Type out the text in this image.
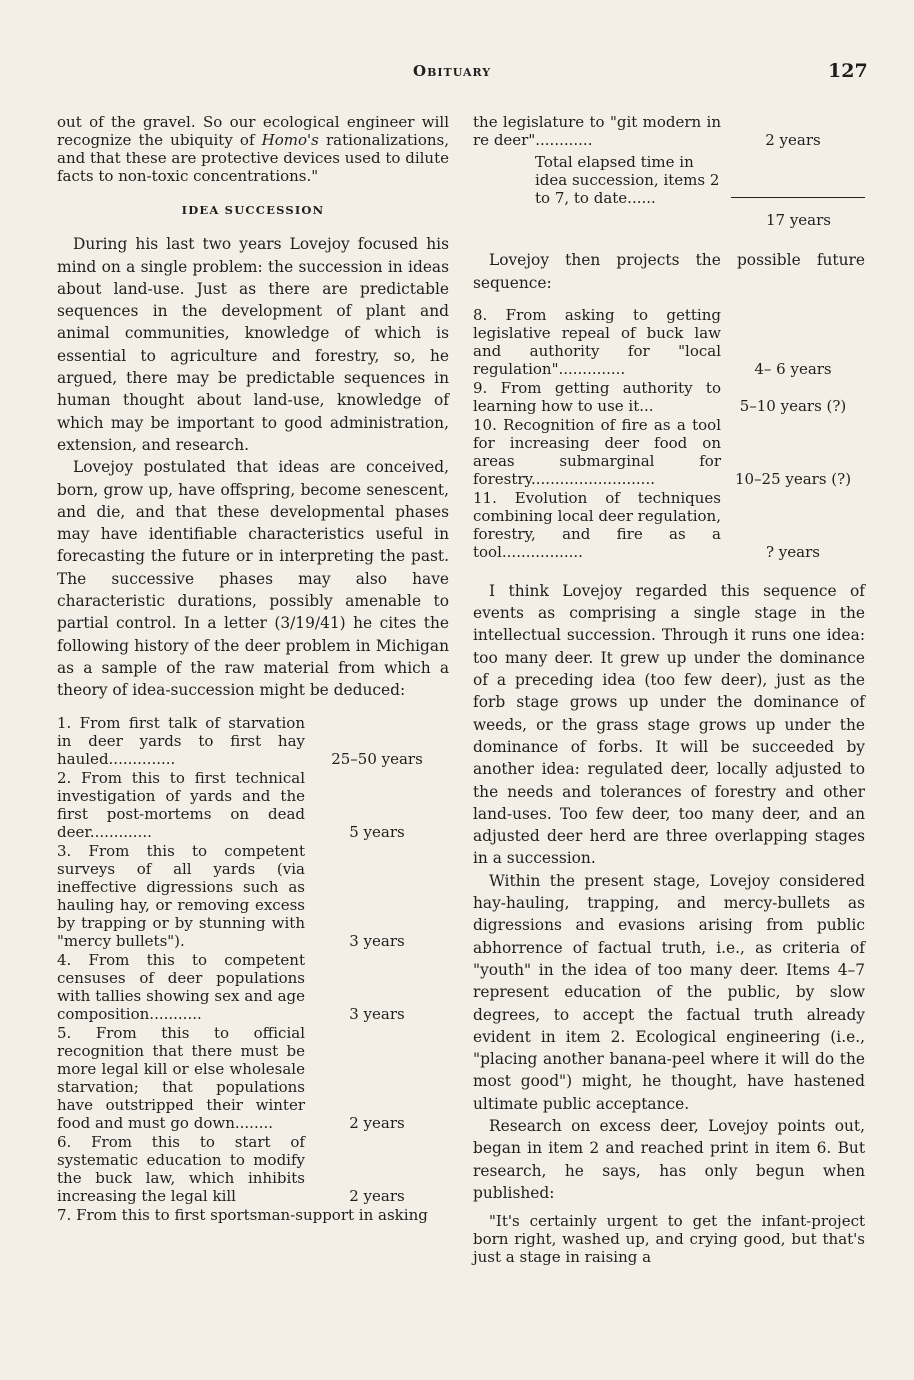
Obituary	127

out of the gravel. So our ecological engineer will recognize the ubiquity of Homo's rationalizations, and that these are protective devices used to dilute facts to non-toxic concentrations."

IDEA SUCCESSION

During his last two years Lovejoy focused his mind on a single problem: the succession in ideas about land-use. Just as there are predictable sequences in the development of plant and animal communities, knowledge of which is essential to agriculture and forestry, so, he argued, there may be predictable sequences in human thought about land-use, knowledge of which may be important to good administration, extension, and research.

Lovejoy postulated that ideas are conceived, born, grow up, have offspring, become senescent, and die, and that these developmental phases may have identifiable characteristics useful in forecasting the future or in interpreting the past. The successive phases may also have characteristic durations, possibly amenable to partial control. In a letter (3/19/41) he cites the following history of the deer problem in Michigan as a sample of the raw material from which a theory of idea-succession might be deduced:

1. From first talk of starvation in deer yards to first hay hauled..............	25–50 years
2. From this to first technical investigation of yards and the first post-mortems on dead deer.............	5 years
3. From this to competent surveys of all yards (via ineffective digressions such as hauling hay, or removing excess by trapping or by stunning with "mercy bullets").	3 years
4. From this to competent censuses of deer populations with tallies showing sex and age composition...........	3 years
5. From this to official recognition that there must be more legal kill or else wholesale starvation; that populations have outstripped their winter food and must go down........	2 years
6. From this to start of systematic education to modify the buck law, which inhibits increasing the legal kill	2 years
7. From this to first sportsman-support in asking
the legislature to "git modern in re deer"............	2 years
Total elapsed time in idea succession, items 2 to 7, to date......
17 years

Lovejoy then projects the possible future sequence:

8. From asking to getting legislative repeal of buck law and authority for "local regulation"..............	4– 6 years
9. From getting authority to learning how to use it...	5–10 years (?)
10. Recognition of fire as a tool for increasing deer food on areas submarginal for forestry..........................	10–25 years (?)
11. Evolution of techniques combining local deer regulation, forestry, and fire as a tool.................	? years

I think Lovejoy regarded this sequence of events as comprising a single stage in the intellectual succession. Through it runs one idea: too many deer. It grew up under the dominance of a preceding idea (too few deer), just as the forb stage grows up under the dominance of weeds, or the grass stage grows up under the dominance of forbs. It will be succeeded by another idea: regulated deer, locally adjusted to the needs and tolerances of forestry and other land-uses. Too few deer, too many deer, and an adjusted deer herd are three overlapping stages in a succession.

Within the present stage, Lovejoy considered hay-hauling, trapping, and mercy-bullets as digressions and evasions arising from public abhorrence of factual truth, i.e., as criteria of "youth" in the idea of too many deer. Items 4–7 represent education of the public, by slow degrees, to accept the factual truth already evident in item 2. Ecological engineering (i.e., "placing another banana-peel where it will do the most good") might, he thought, have hastened ultimate public acceptance.

Research on excess deer, Lovejoy points out, began in item 2 and reached print in item 6. But research, he says, has only begun when published:

"It's certainly urgent to get the infant-project born right, washed up, and crying good, but that's just a stage in raising a
